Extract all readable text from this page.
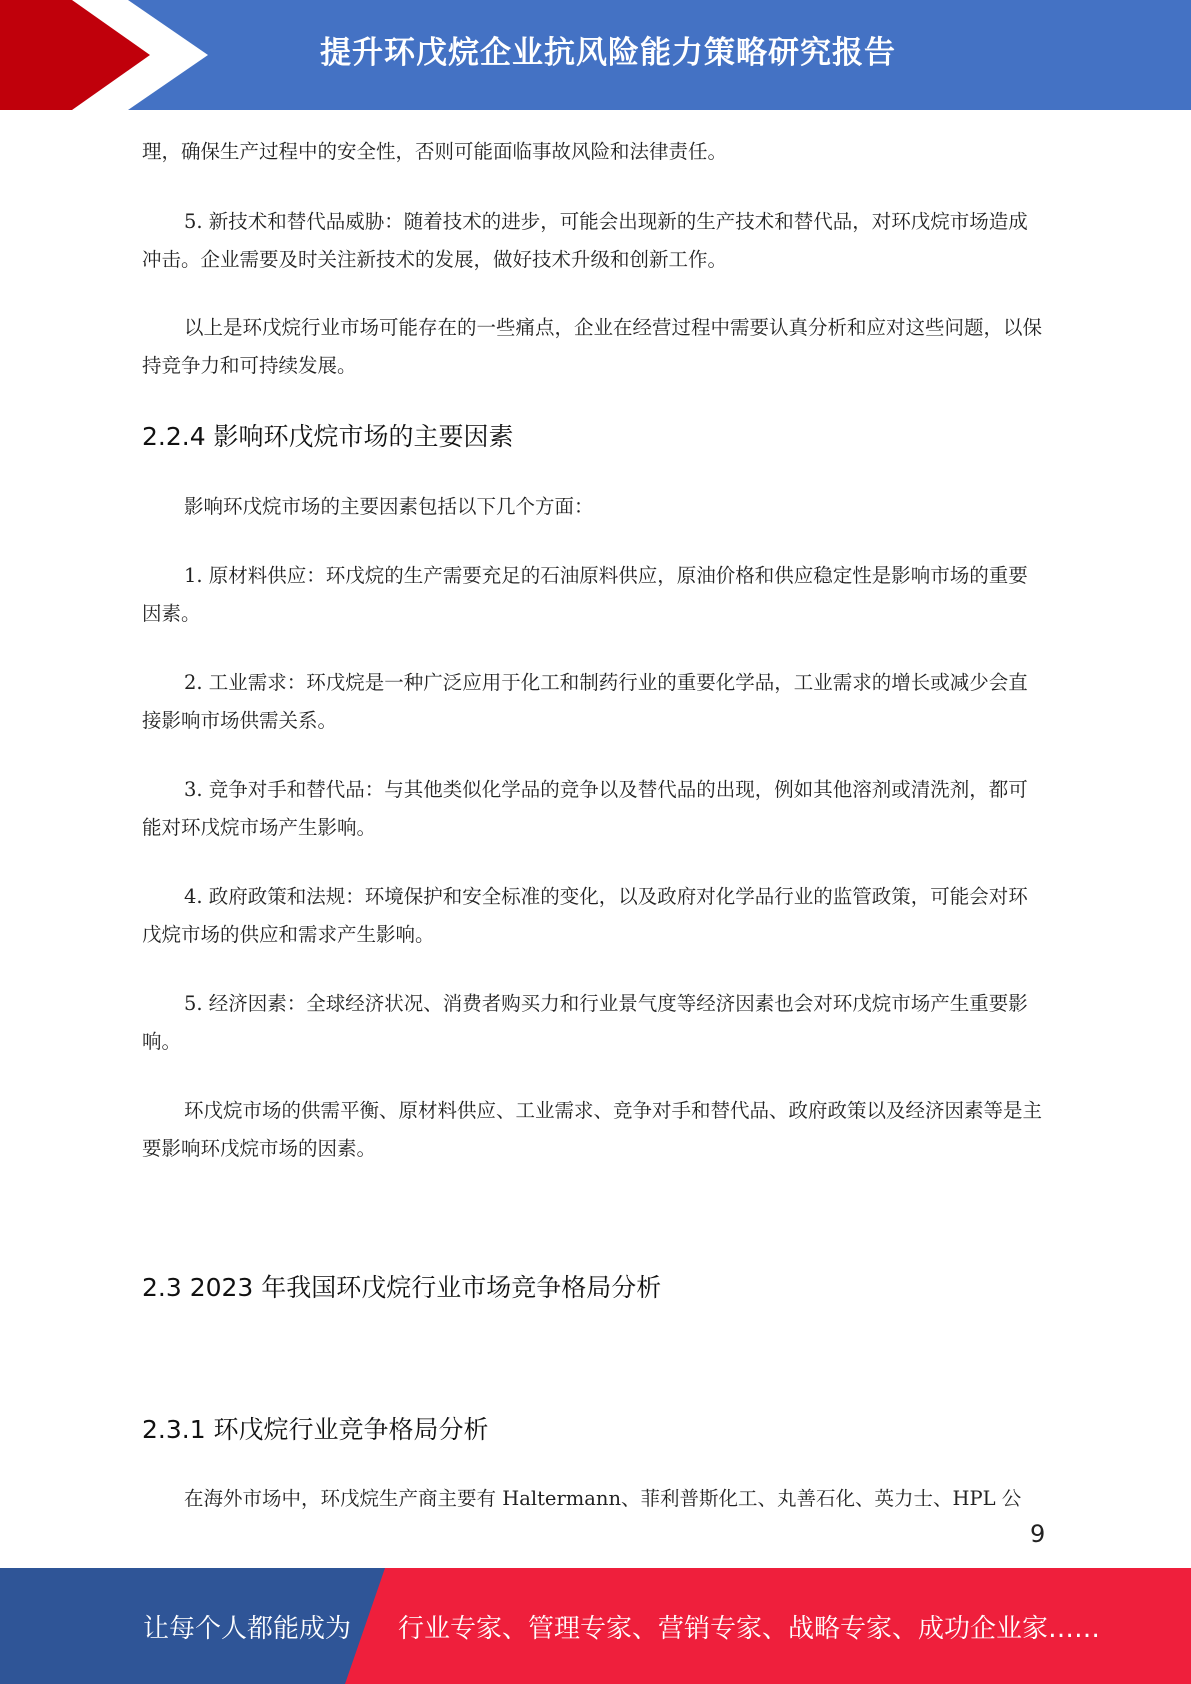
提升环戊烷企业抗风险能力策略研究报告

理，确保生产过程中的安全性，否则可能面临事故风险和法律责任。

5. 新技术和替代品威胁：随着技术的进步，可能会出现新的生产技术和替代品，对环戊烷市场造成冲击。企业需要及时关注新技术的发展，做好技术升级和创新工作。

以上是环戊烷行业市场可能存在的一些痛点，企业在经营过程中需要认真分析和应对这些问题，以保持竞争力和可持续发展。

2.2.4 影响环戊烷市场的主要因素

影响环戊烷市场的主要因素包括以下几个方面：

1. 原材料供应：环戊烷的生产需要充足的石油原料供应，原油价格和供应稳定性是影响市场的重要因素。

2. 工业需求：环戊烷是一种广泛应用于化工和制药行业的重要化学品，工业需求的增长或减少会直接影响市场供需关系。

3. 竞争对手和替代品：与其他类似化学品的竞争以及替代品的出现，例如其他溶剂或清洗剂，都可能对环戊烷市场产生影响。

4. 政府政策和法规：环境保护和安全标准的变化，以及政府对化学品行业的监管政策，可能会对环戊烷市场的供应和需求产生影响。

5. 经济因素：全球经济状况、消费者购买力和行业景气度等经济因素也会对环戊烷市场产生重要影响。

环戊烷市场的供需平衡、原材料供应、工业需求、竞争对手和替代品、政府政策以及经济因素等是主要影响环戊烷市场的因素。

2.3 2023 年我国环戊烷行业市场竞争格局分析
2.3.1 环戊烷行业竞争格局分析

在海外市场中，环戊烷生产商主要有 Haltermann、菲利普斯化工、丸善石化、英力士、HPL 公

9
让每个人都能成为 行业专家、管理专家、营销专家、战略专家、成功企业家……
